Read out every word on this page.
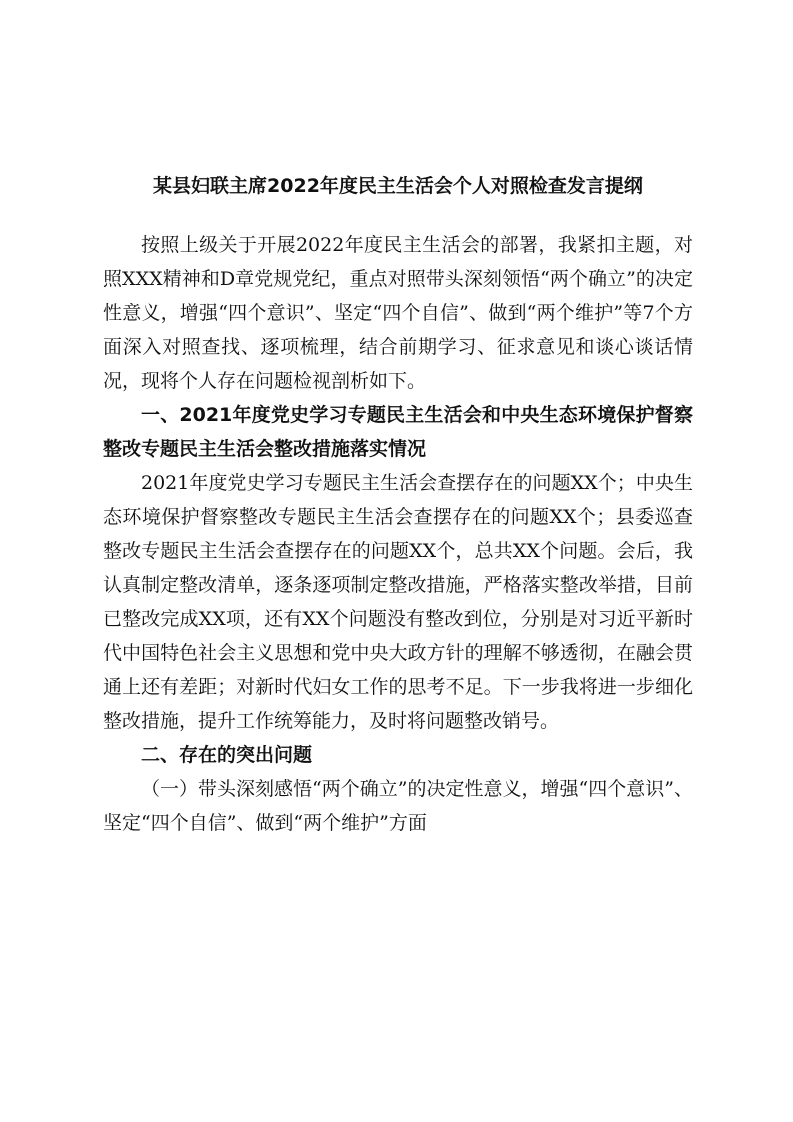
某县妇联主席2022年度民主生活会个人对照检查发言提纲

按照上级关于开展2022年度民主生活会的部署，我紧扣主题，对照XXX精神和D章党规党纪，重点对照带头深刻领悟“两个确立”的决定性意义，增强“四个意识”、坚定“四个自信”、做到“两个维护”等7个方面深入对照查找、逐项梳理，结合前期学习、征求意见和谈心谈话情况，现将个人存在问题检视剖析如下。

一、2021年度党史学习专题民主生活会和中央生态环境保护督察整改专题民主生活会整改措施落实情况

2021年度党史学习专题民主生活会查摆存在的问题XX个；中央生态环境保护督察整改专题民主生活会查摆存在的问题XX个；县委巡查整改专题民主生活会查摆存在的问题XX个，总共XX个问题。会后，我认真制定整改清单，逐条逐项制定整改措施，严格落实整改举措，目前已整改完成XX项，还有XX个问题没有整改到位，分别是对习近平新时代中国特色社会主义思想和党中央大政方针的理解不够透彻，在融会贯通上还有差距；对新时代妇女工作的思考不足。下一步我将进一步细化整改措施，提升工作统筹能力，及时将问题整改销号。

二、存在的突出问题

（一）带头深刻感悟“两个确立”的决定性意义，增强“四个意识”、坚定“四个自信”、做到“两个维护”方面
